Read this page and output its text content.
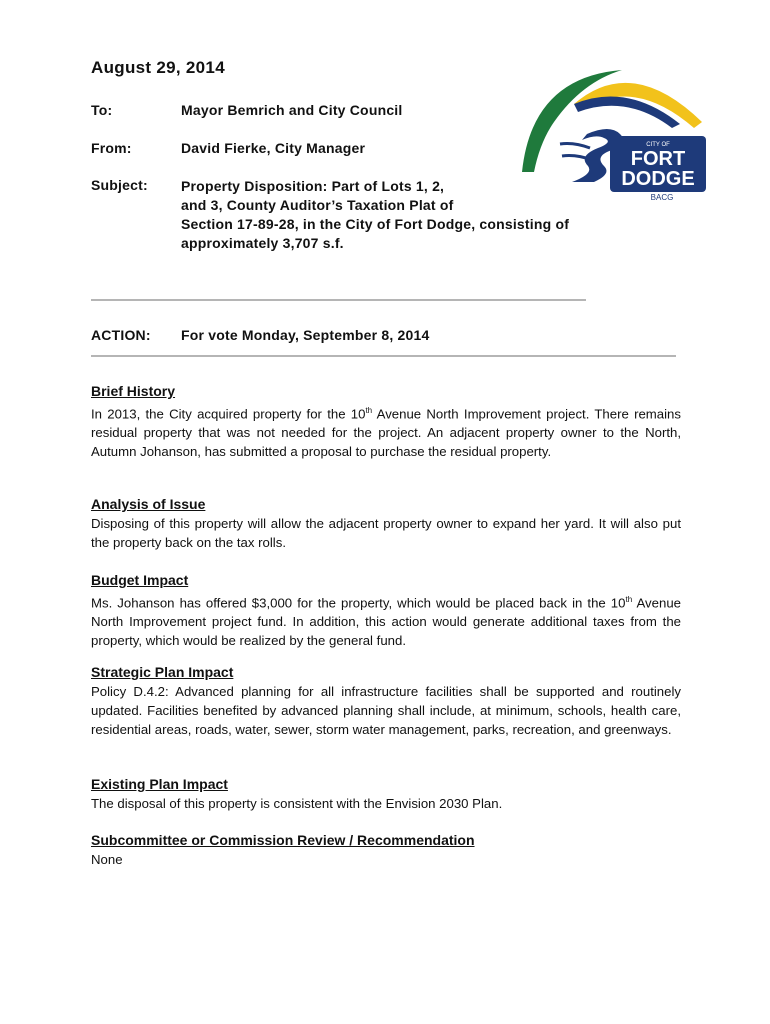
August 29, 2014
To:	Mayor Bemrich and City Council
From:	David Fierke, City Manager
Subject: Property Disposition: Part of Lots 1, 2,
and 3, County Auditor’s Taxation Plat of
Section 17-89-28, in the City of Fort Dodge, consisting of
approximately 3,707 s.f.
CITY OF
FORT
DODGE
BACG
ACTION: For vote Monday, September 8, 2014
Brief History

In 2013, the City acquired property for the 10th Avenue North Improvement project. There remains residual property that was not needed for the project. An adjacent property owner to the North, Autumn Johanson, has submitted a proposal to purchase the residual property.

Analysis of Issue

Disposing of this property will allow the adjacent property owner to expand her yard. It will also put the property back on the tax rolls.

Budget Impact

Ms. Johanson has offered $3,000 for the property, which would be placed back in the 10th Avenue North Improvement project fund. In addition, this action would generate additional taxes from the property, which would be realized by the general fund.

Strategic Plan Impact

Policy D.4.2: Advanced planning for all infrastructure facilities shall be supported and routinely updated. Facilities benefited by advanced planning shall include, at minimum, schools, health care, residential areas, roads, water, sewer, storm water management, parks, recreation, and greenways.

Existing Plan Impact

The disposal of this property is consistent with the Envision 2030 Plan.

Subcommittee or Commission Review / Recommendation

None
